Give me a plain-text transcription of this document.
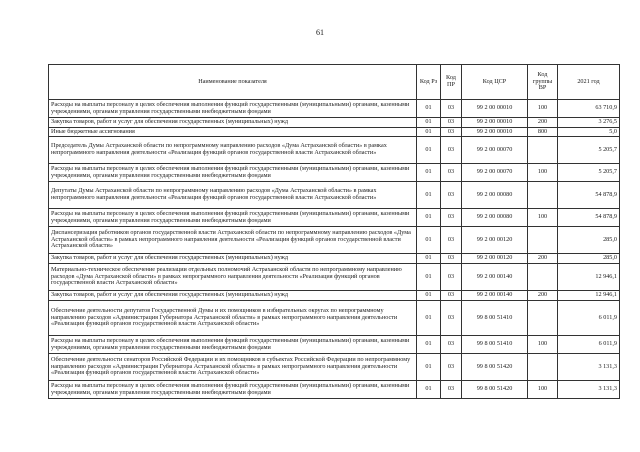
61
Наименование показателя	Код Рз	Код ПР	Код ЦСР	Код группы ВР	2021 год
Расходы на выплаты персоналу в целях обеспечения выполнения функций государственными (муниципальными) органами, казенными учреждениями, органами управления государственными внебюджетными фондами	01	03	99 2 00 00010	100	63 710,9
Закупка товаров, работ и услуг для обеспечения государственных (муниципальных) нужд	01	03	99 2 00 00010	200	3 276,5
Иные бюджетные ассигнования	01	03	99 2 00 00010	800	5,0
Председатель Думы Астраханской области по непрограммному направлению расходов «Дума Астраханской области» в рамках непрограммного направления деятельности «Реализация функций органов государственной власти Астраханской области»	01	03	99 2 00 00070		5 205,7
Расходы на выплаты персоналу в целях обеспечения выполнения функций государственными (муниципальными) органами, казенными учреждениями, органами управления государственными внебюджетными фондами	01	03	99 2 00 00070	100	5 205,7
Депутаты Думы Астраханской области по непрограммному направлению расходов «Дума Астраханской области» в рамках непрограммного направления деятельности «Реализация функций органов государственной власти Астраханской области»	01	03	99 2 00 00080		54 878,9
Расходы на выплаты персоналу в целях обеспечения выполнения функций государственными (муниципальными) органами, казенными учреждениями, органами управления государственными внебюджетными фондами	01	03	99 2 00 00080	100	54 878,9
Диспансеризация работников органов государственной власти Астраханской области по непрограммному направлению расходов «Дума Астраханской области» в рамках непрограммного направления деятельности «Реализация функций органов государственной власти Астраханской области»	01	03	99 2 00 00120		285,0
Закупка товаров, работ и услуг для обеспечения государственных (муниципальных) нужд	01	03	99 2 00 00120	200	285,0
Материально-техническое обеспечение реализации отдельных полномочий Астраханской области по непрограммному направлению расходов «Дума Астраханской области» в рамках непрограммного направления деятельности «Реализация функций органов государственной власти Астраханской области»	01	03	99 2 00 00140		12 946,1
Закупка товаров, работ и услуг для обеспечения государственных (муниципальных) нужд	01	03	99 2 00 00140	200	12 946,1
Обеспечение деятельности депутатов Государственной Думы и их помощников в избирательных округах по непрограммному направлению расходов «Администрация Губернатора Астраханской области» в рамках непрограммного направления деятельности «Реализация функций органов государственной власти Астраханской области»	01	03	99 8 00 51410		6 011,9
Расходы на выплаты персоналу в целях обеспечения выполнения функций государственными (муниципальными) органами, казенными учреждениями, органами управления государственными внебюджетными фондами	01	03	99 8 00 51410	100	6 011,9
Обеспечение деятельности сенаторов Российской Федерации и их помощников в субъектах Российской Федерации по непрограммному направлению расходов «Администрация Губернатора Астраханской области» в рамках непрограммного направления деятельности «Реализация функций органов государственной власти Астраханской области»	01	03	99 8 00 51420		3 131,3
Расходы на выплаты персоналу в целях обеспечения выполнения функций государственными (муниципальными) органами, казенными учреждениями, органами управления государственными внебюджетными фондами	01	03	99 8 00 51420	100	3 131,3
